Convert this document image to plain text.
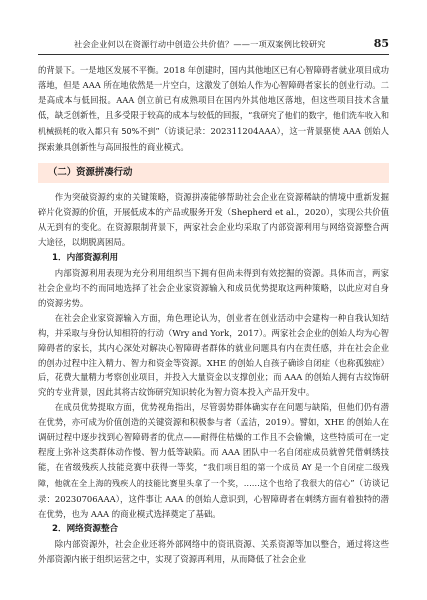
社会企业何以在资源行动中创造公共价值？——一项双案例比较研究	85

的背景下。一是地区发展不平衡。2018 年创建时，国内其他地区已有心智障碍者就业项目成功落地，但是 AAA 所在地依然是一片空白，这激发了创始人作为心智障碍者家长的创业行动。二是高成本与低回报。AAA 创立前已有成熟项目在国内外其他地区落地，但这些项目技术含量低，缺乏创新性，且多受限于较高的成本与较低的回报，“我研究了他们的数字，他们洗车收入和机械损耗的收入都只有 50%不到”（访谈记录：202311204AAA），这一背景驱使 AAA 创始人探索兼具创新性与高回报性的商业模式。

（二）资源拼凑行动

作为突破资源约束的关键策略，资源拼凑能够帮助社会企业在资源稀缺的情境中重新发掘碎片化资源的价值，开展低成本的产品或服务开发（Shepherd et al.，2020），实现公共价值从无到有的变化。在资源限制背景下，两家社会企业均采取了内部资源利用与网络资源整合两大途径，以期脱离困局。

1．内部资源利用

内部资源利用表现为充分利用组织当下拥有但尚未得到有效挖掘的资源。具体而言，两家社会企业均不约而同地选择了社会企业家资源输入和成员优势提取这两种策略，以此应对自身的资源劣势。

在社会企业家资源输入方面，角色理论认为，创业者在创业活动中会建构一种自我认知结构，并采取与身份认知相符的行动（Wry and York，2017）。两家社会企业的创始人均为心智障碍者的家长，其内心深处对解决心智障碍者群体的就业问题具有内在责任感，并在社会企业的创办过程中注入精力、智力和资金等资源。XHE 的创始人自孩子确诊自闭症（也称孤独症）后，花费大量精力考察创业项目，并投入大量资金以支撑创业；而 AAA 的创始人拥有古纹饰研究的专业背景，因此其将古纹饰研究知识转化为智力资本投入产品开发中。

在成员优势提取方面，优势视角指出，尽管弱势群体确实存在问题与缺陷，但他们仍有潜在优势，亦可成为价值创造的关键资源和积极参与者（孟洁，2019）。譬如，XHE 的创始人在调研过程中逐步找到心智障碍者的优点——耐得住枯燥的工作且不会偷懒，这些特质可在一定程度上弥补这类群体动作慢、智力低等缺陷。而 AAA 团队中一名自闭症成员就曾凭借刺绣技能，在省级残疾人技能竞赛中获得一等奖，“我们项目组的第一个成员 AY 是一个自闭症二级残障，他就在全上海的残疾人的技能比赛里头拿了一个奖，……这个也给了我很大的信心”（访谈记录：20230706AAA），这件事让 AAA 的创始人意识到，心智障碍者在刺绣方面有着独特的潜在优势，也为 AAA 的商业模式选择奠定了基础。

2．网络资源整合

除内部资源外，社会企业还将外部网络中的资讯资源、关系资源等加以整合，通过将这些外部资源内嵌于组织运营之中，实现了资源再利用，从而降低了社会企业
